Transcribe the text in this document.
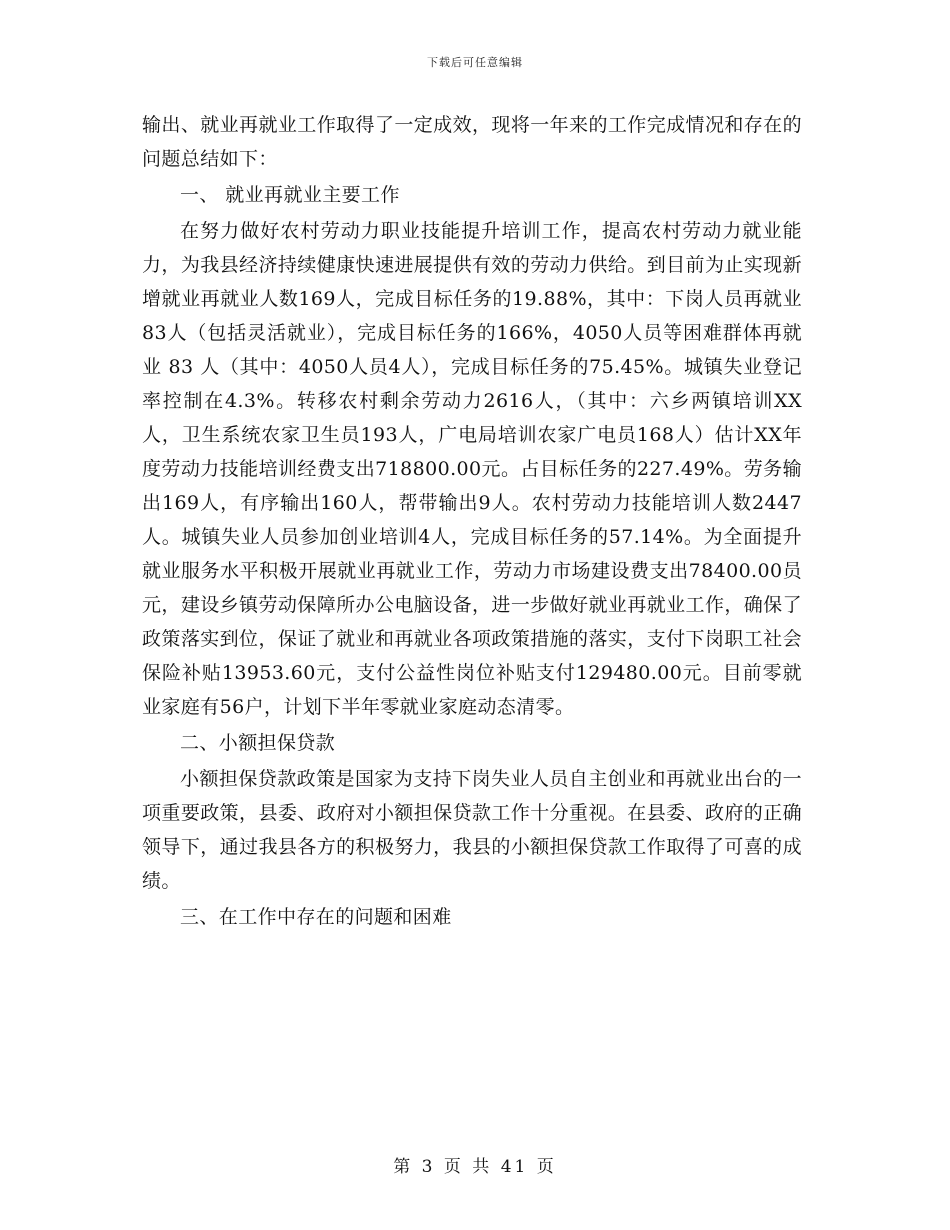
下载后可任意编辑

输出、就业再就业工作取得了一定成效，现将一年来的工作完成情况和存在的问题总结如下：

一、 就业再就业主要工作

在努力做好农村劳动力职业技能提升培训工作，提高农村劳动力就业能力，为我县经济持续健康快速进展提供有效的劳动力供给。到目前为止实现新增就业再就业人数169人，完成目标任务的19.88%，其中：下岗人员再就业83人（包括灵活就业），完成目标任务的166%，4050人员等困难群体再就业 83 人（其中：4050人员4人），完成目标任务的75.45%。城镇失业登记率控制在4.3%。转移农村剩余劳动力2616人，（其中：六乡两镇培训XX人，卫生系统农家卫生员193人，广电局培训农家广电员168人）估计XX年度劳动力技能培训经费支出718800.00元。占目标任务的227.49%。劳务输出169人，有序输出160人，帮带输出9人。农村劳动力技能培训人数2447人。城镇失业人员参加创业培训4人，完成目标任务的57.14%。为全面提升就业服务水平积极开展就业再就业工作，劳动力市场建设费支出78400.00员元，建设乡镇劳动保障所办公电脑设备，进一步做好就业再就业工作，确保了政策落实到位，保证了就业和再就业各项政策措施的落实，支付下岗职工社会保险补贴13953.60元，支付公益性岗位补贴支付129480.00元。目前零就业家庭有56户，计划下半年零就业家庭动态清零。

二、小额担保贷款

小额担保贷款政策是国家为支持下岗失业人员自主创业和再就业出台的一项重要政策，县委、政府对小额担保贷款工作十分重视。在县委、政府的正确领导下，通过我县各方的积极努力，我县的小额担保贷款工作取得了可喜的成绩。

三、在工作中存在的问题和困难

第 3 页 共 41 页
